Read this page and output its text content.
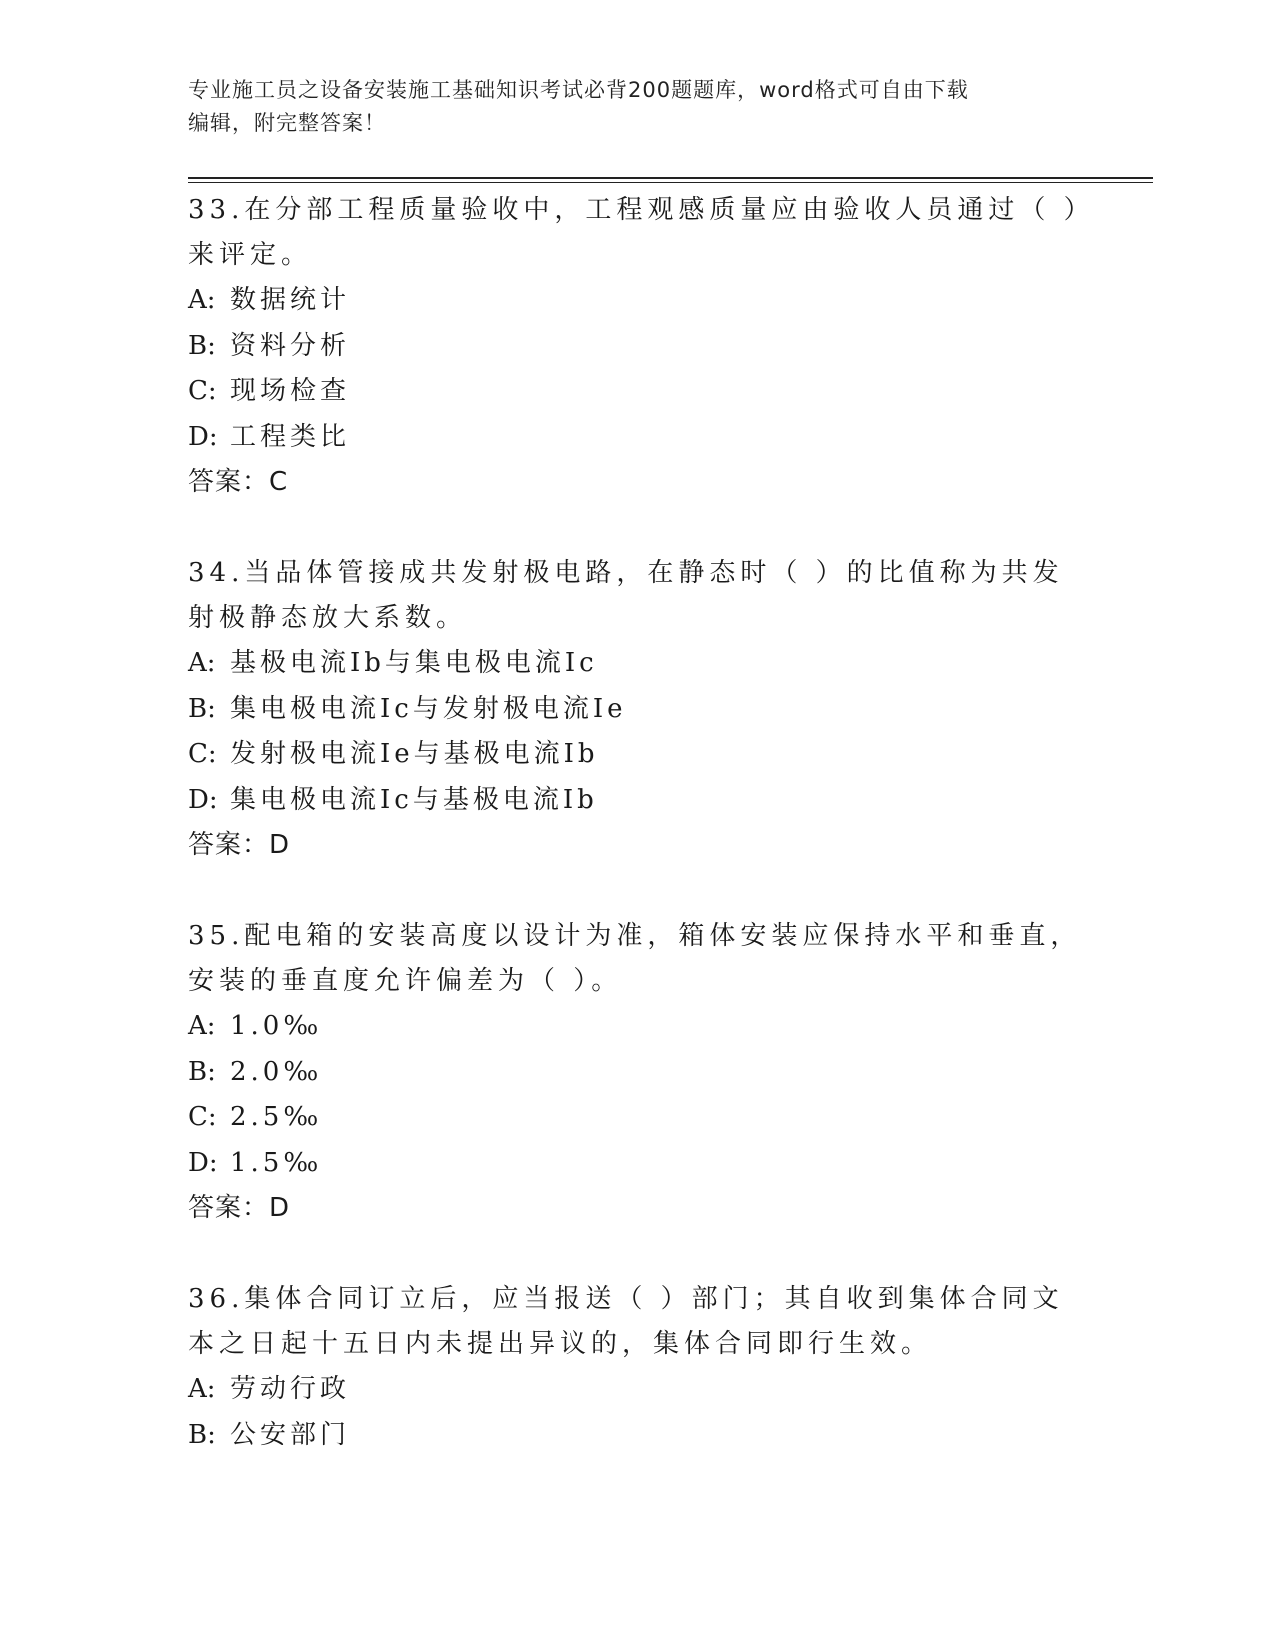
专业施工员之设备安装施工基础知识考试必背200题题库，word格式可自由下载
编辑，附完整答案！

33.在分部工程质量验收中，工程观感质量应由验收人员通过（ ）来评定。

A: 数据统计

B: 资料分析

C: 现场检查

D: 工程类比

答案：C

34.当品体管接成共发射极电路，在静态时（ ）的比值称为共发射极静态放大系数。

A: 基极电流Ib与集电极电流Ic

B: 集电极电流Ic与发射极电流Ie

C: 发射极电流Ie与基极电流Ib

D: 集电极电流Ic与基极电流Ib

答案：D

35.配电箱的安装高度以设计为准，箱体安装应保持水平和垂直，安装的垂直度允许偏差为（ ）。

A: 1.0‰

B: 2.0‰

C: 2.5‰

D: 1.5‰

答案：D

36.集体合同订立后，应当报送（ ）部门；其自收到集体合同文本之日起十五日内未提出异议的，集体合同即行生效。

A: 劳动行政

B: 公安部门
